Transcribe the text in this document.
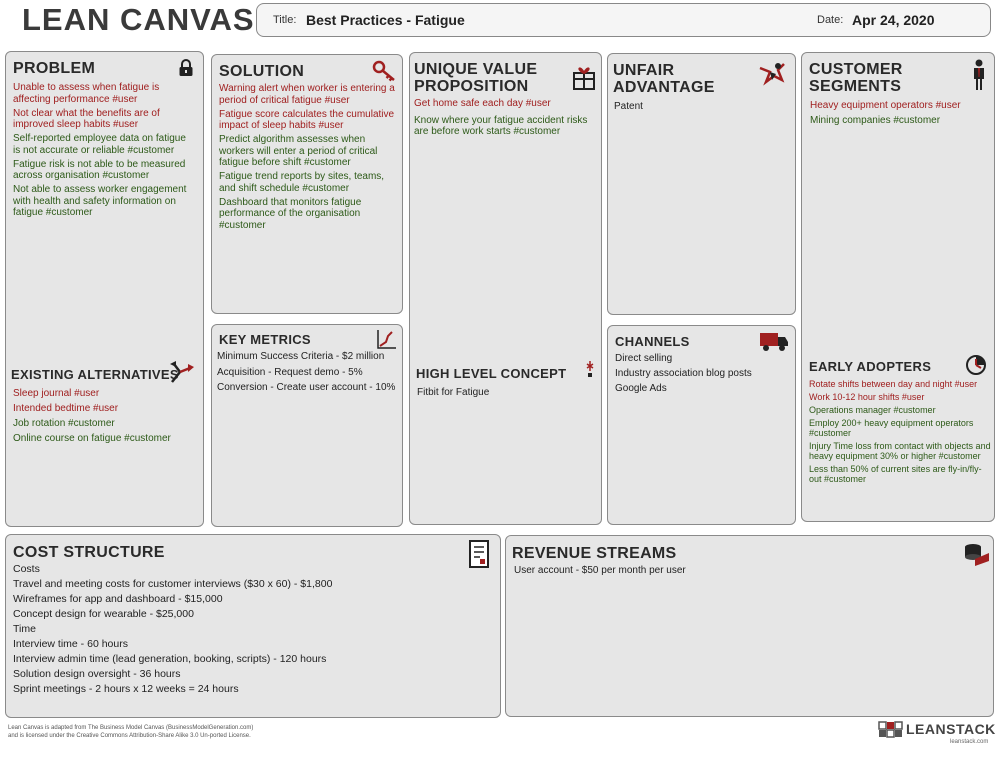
LEAN CANVAS Title: Best Practices - Fatigue	Date: Apr 24, 2020
PROBLEM
Unable to assess when fatigue is affecting performance #user
Not clear what the benefits are of improved sleep habits #user
Self-reported employee data on fatigue is not accurate or reliable #customer
Fatigue risk is not able to be measured across organisation #customer
Not able to assess worker engagement with health and safety information on fatigue #customer
EXISTING ALTERNATIVES
Sleep journal #user
Intended bedtime #user
Job rotation #customer
Online course on fatigue #customer
SOLUTION
Warning alert when worker is entering a period of critical fatigue #user
Fatigue score calculates the cumulative impact of sleep habits #user
Predict algorithm assesses when workers will enter a period of critical fatigue before shift #customer
Fatigue trend reports by sites, teams, and shift schedule #customer
Dashboard that monitors fatigue performance of the organisation #customer
KEY METRICS
Minimum Success Criteria - $2 million
Acquisition - Request demo - 5%
Conversion - Create user account - 10%
UNIQUE VALUE
PROPOSITION
Get home safe each day #user
Know where your fatigue accident risks are before work starts #customer
HIGH LEVEL CONCEPT
Fitbit for Fatigue
UNFAIR
ADVANTAGE
Patent
CHANNELS
Direct selling
Industry association blog posts
Google Ads
CUSTOMER
SEGMENTS
Heavy equipment operators #user
Mining companies #customer
EARLY ADOPTERS
Rotate shifts between day and night #user
Work 10-12 hour shifts #user
Operations manager #customer
Employ 200+ heavy equipment operators #customer
Injury Time loss from contact with objects and heavy equipment 30% or higher #customer
Less than 50% of current sites are fly-in/fly-out #customer
COST STRUCTURE
Costs
Travel and meeting costs for customer interviews ($30 x 60) - $1,800
Wireframes for app and dashboard - $15,000
Concept design for wearable - $25,000
Time
Interview time - 60 hours
Interview admin time (lead generation, booking, scripts) - 120 hours
Solution design oversight - 36 hours
Sprint meetings - 2 hours x 12 weeks = 24 hours
REVENUE STREAMS
User account - $50 per month per user
Lean Canvas is adapted from The Business Model Canvas (BusinessModelGeneration.com)
and is licensed under the Creative Commons Attribution-Share Alike 3.0 Un-ported License.	LEANSTACK
leanstack.com
